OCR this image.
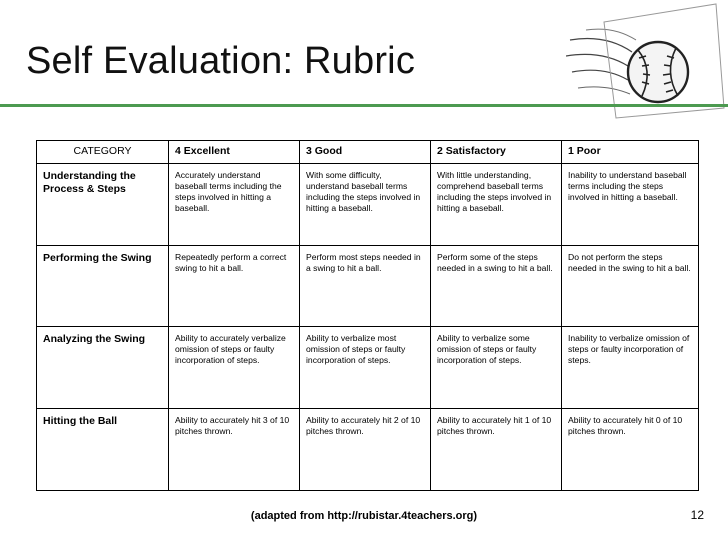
Self Evaluation: Rubric
CATEGORY	4 Excellent	3 Good	2 Satisfactory	1 Poor
Understanding the Process & Steps	Accurately understand baseball terms including the steps involved in hitting a baseball.	With some difficulty, understand baseball terms including the steps involved in hitting a baseball.	With little understanding, comprehend baseball terms including the steps involved in hitting a baseball.	Inability to understand baseball terms including the steps involved in hitting a baseball.
Performing the Swing	Repeatedly perform a correct swing to hit a ball.	Perform most steps needed in a swing to hit a ball.	Perform some of the steps needed in a swing to hit a ball.	Do not perform the steps needed in the swing to hit a ball.
Analyzing the Swing	Ability to accurately verbalize omission of steps or faulty incorporation of steps.	Ability to verbalize most omission of steps or faulty incorporation of steps.	Ability to verbalize some omission of steps or faulty incorporation of steps.	Inability to verbalize omission of steps or faulty incorporation of steps.
Hitting the Ball	Ability to accurately hit 3 of 10 pitches thrown.	Ability to accurately hit 2 of 10 pitches thrown.	Ability to accurately hit 1 of 10 pitches thrown.	Ability to accurately hit 0 of 10 pitches thrown.
(adapted from http://rubistar.4teachers.org)	12
